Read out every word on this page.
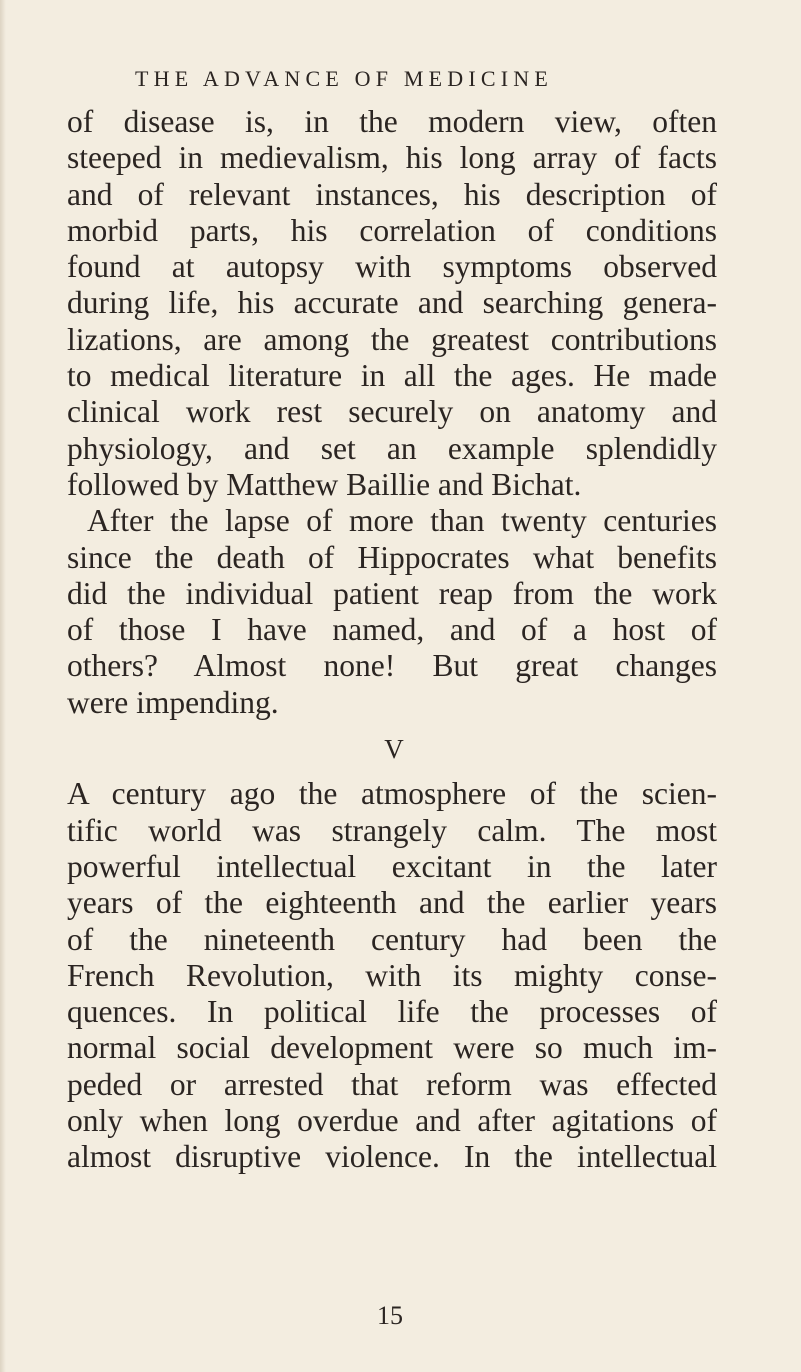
THE ADVANCE OF MEDICINE
of disease is, in the modern view, often
steeped in medievalism, his long array of facts
and of relevant instances, his description of
morbid parts, his correlation of conditions
found at autopsy with symptoms observed
during life, his accurate and searching genera-
lizations, are among the greatest contributions
to medical literature in all the ages. He made
clinical work rest securely on anatomy and
physiology, and set an example splendidly
followed by Matthew Baillie and Bichat.
After the lapse of more than twenty centuries
since the death of Hippocrates what benefits
did the individual patient reap from the work
of those I have named, and of a host of
others? Almost none! But great changes
were impending.
V
A century ago the atmosphere of the scien-
tific world was strangely calm. The most
powerful intellectual excitant in the later
years of the eighteenth and the earlier years
of the nineteenth century had been the
French Revolution, with its mighty conse-
quences. In political life the processes of
normal social development were so much im-
peded or arrested that reform was effected
only when long overdue and after agitations of
almost disruptive violence. In the intellectual
15
